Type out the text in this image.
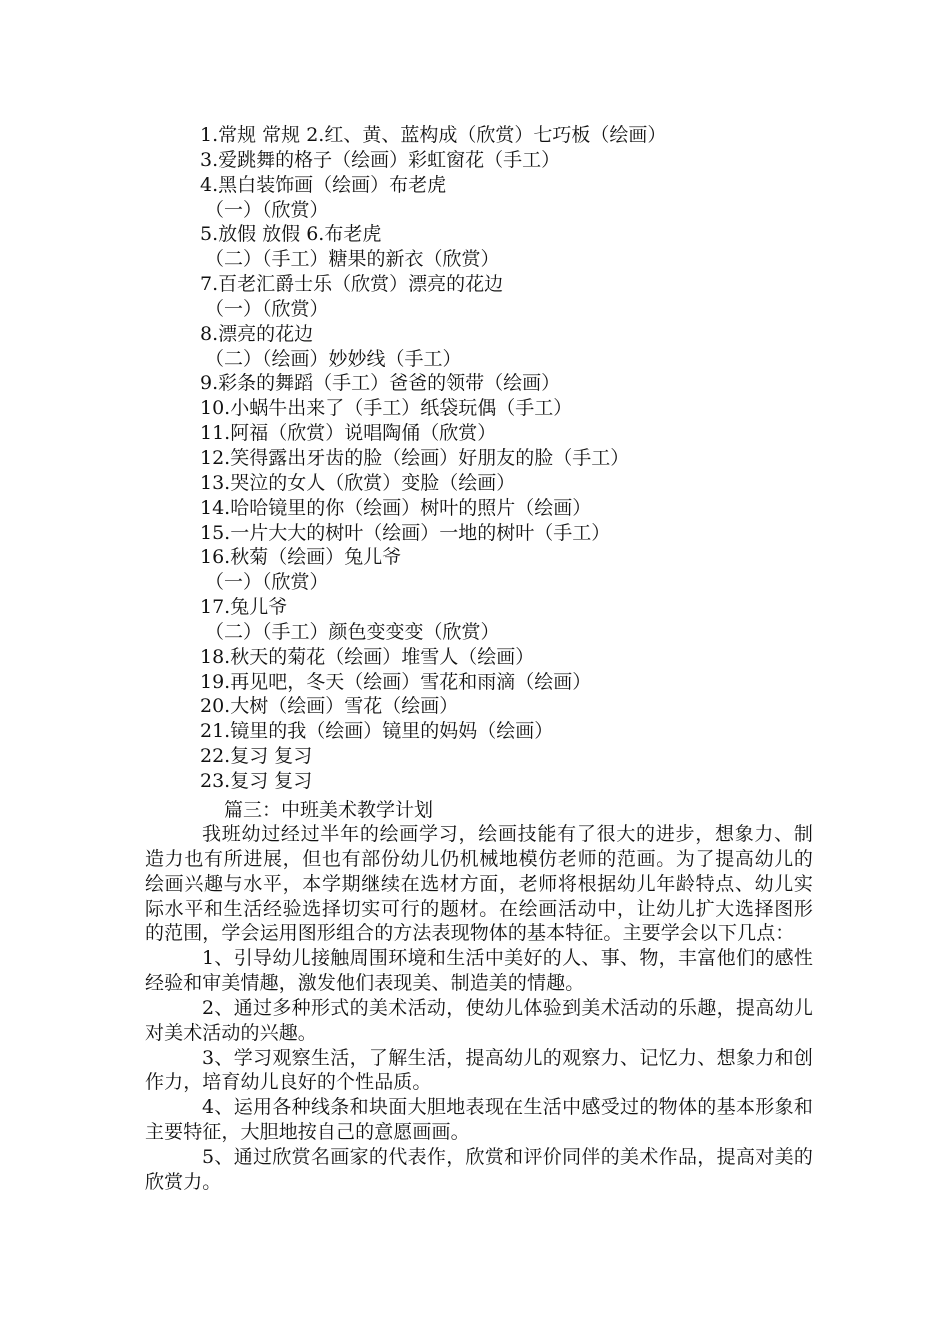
1.常规 常规 2.红、黄、蓝构成（欣赏）七巧板（绘画）
3.爱跳舞的格子（绘画）彩虹窗花（手工）
4.黑白装饰画（绘画）布老虎
（一）（欣赏）
5.放假 放假 6.布老虎
（二）（手工）糖果的新衣（欣赏）
7.百老汇爵士乐（欣赏）漂亮的花边
（一）（欣赏）
8.漂亮的花边
（二）（绘画）妙妙线（手工）
9.彩条的舞蹈（手工）爸爸的领带（绘画）
10.小蜗牛出来了（手工）纸袋玩偶（手工）
11.阿福（欣赏）说唱陶俑（欣赏）
12.笑得露出牙齿的脸（绘画）好朋友的脸（手工）
13.哭泣的女人（欣赏）变脸（绘画）
14.哈哈镜里的你（绘画）树叶的照片（绘画）
15.一片大大的树叶（绘画）一地的树叶（手工）
16.秋菊（绘画）兔儿爷
（一）（欣赏）
17.兔儿爷
（二）（手工）颜色变变变（欣赏）
18.秋天的菊花（绘画）堆雪人（绘画）
19.再见吧，冬天（绘画）雪花和雨滴（绘画）
20.大树（绘画）雪花（绘画）
21.镜里的我（绘画）镜里的妈妈（绘画）
22.复习 复习
23.复习 复习
篇三：中班美术教学计划

我班幼过经过半年的绘画学习，绘画技能有了很大的进步，想象力、制造力也有所进展，但也有部份幼儿仍机械地模仿老师的范画。为了提高幼儿的绘画兴趣与水平，本学期继续在选材方面，老师将根据幼儿年龄特点、幼儿实际水平和生活经验选择切实可行的题材。在绘画活动中，让幼儿扩大选择图形的范围，学会运用图形组合的方法表现物体的基本特征。主要学会以下几点：

1、引导幼儿接触周围环境和生活中美好的人、事、物，丰富他们的感性经验和审美情趣，激发他们表现美、制造美的情趣。

2、通过多种形式的美术活动，使幼儿体验到美术活动的乐趣，提高幼儿对美术活动的兴趣。

3、学习观察生活，了解生活，提高幼儿的观察力、记忆力、想象力和创作力，培育幼儿良好的个性品质。

4、运用各种线条和块面大胆地表现在生活中感受过的物体的基本形象和主要特征，大胆地按自己的意愿画画。

5、通过欣赏名画家的代表作，欣赏和评价同伴的美术作品，提高对美的欣赏力。
